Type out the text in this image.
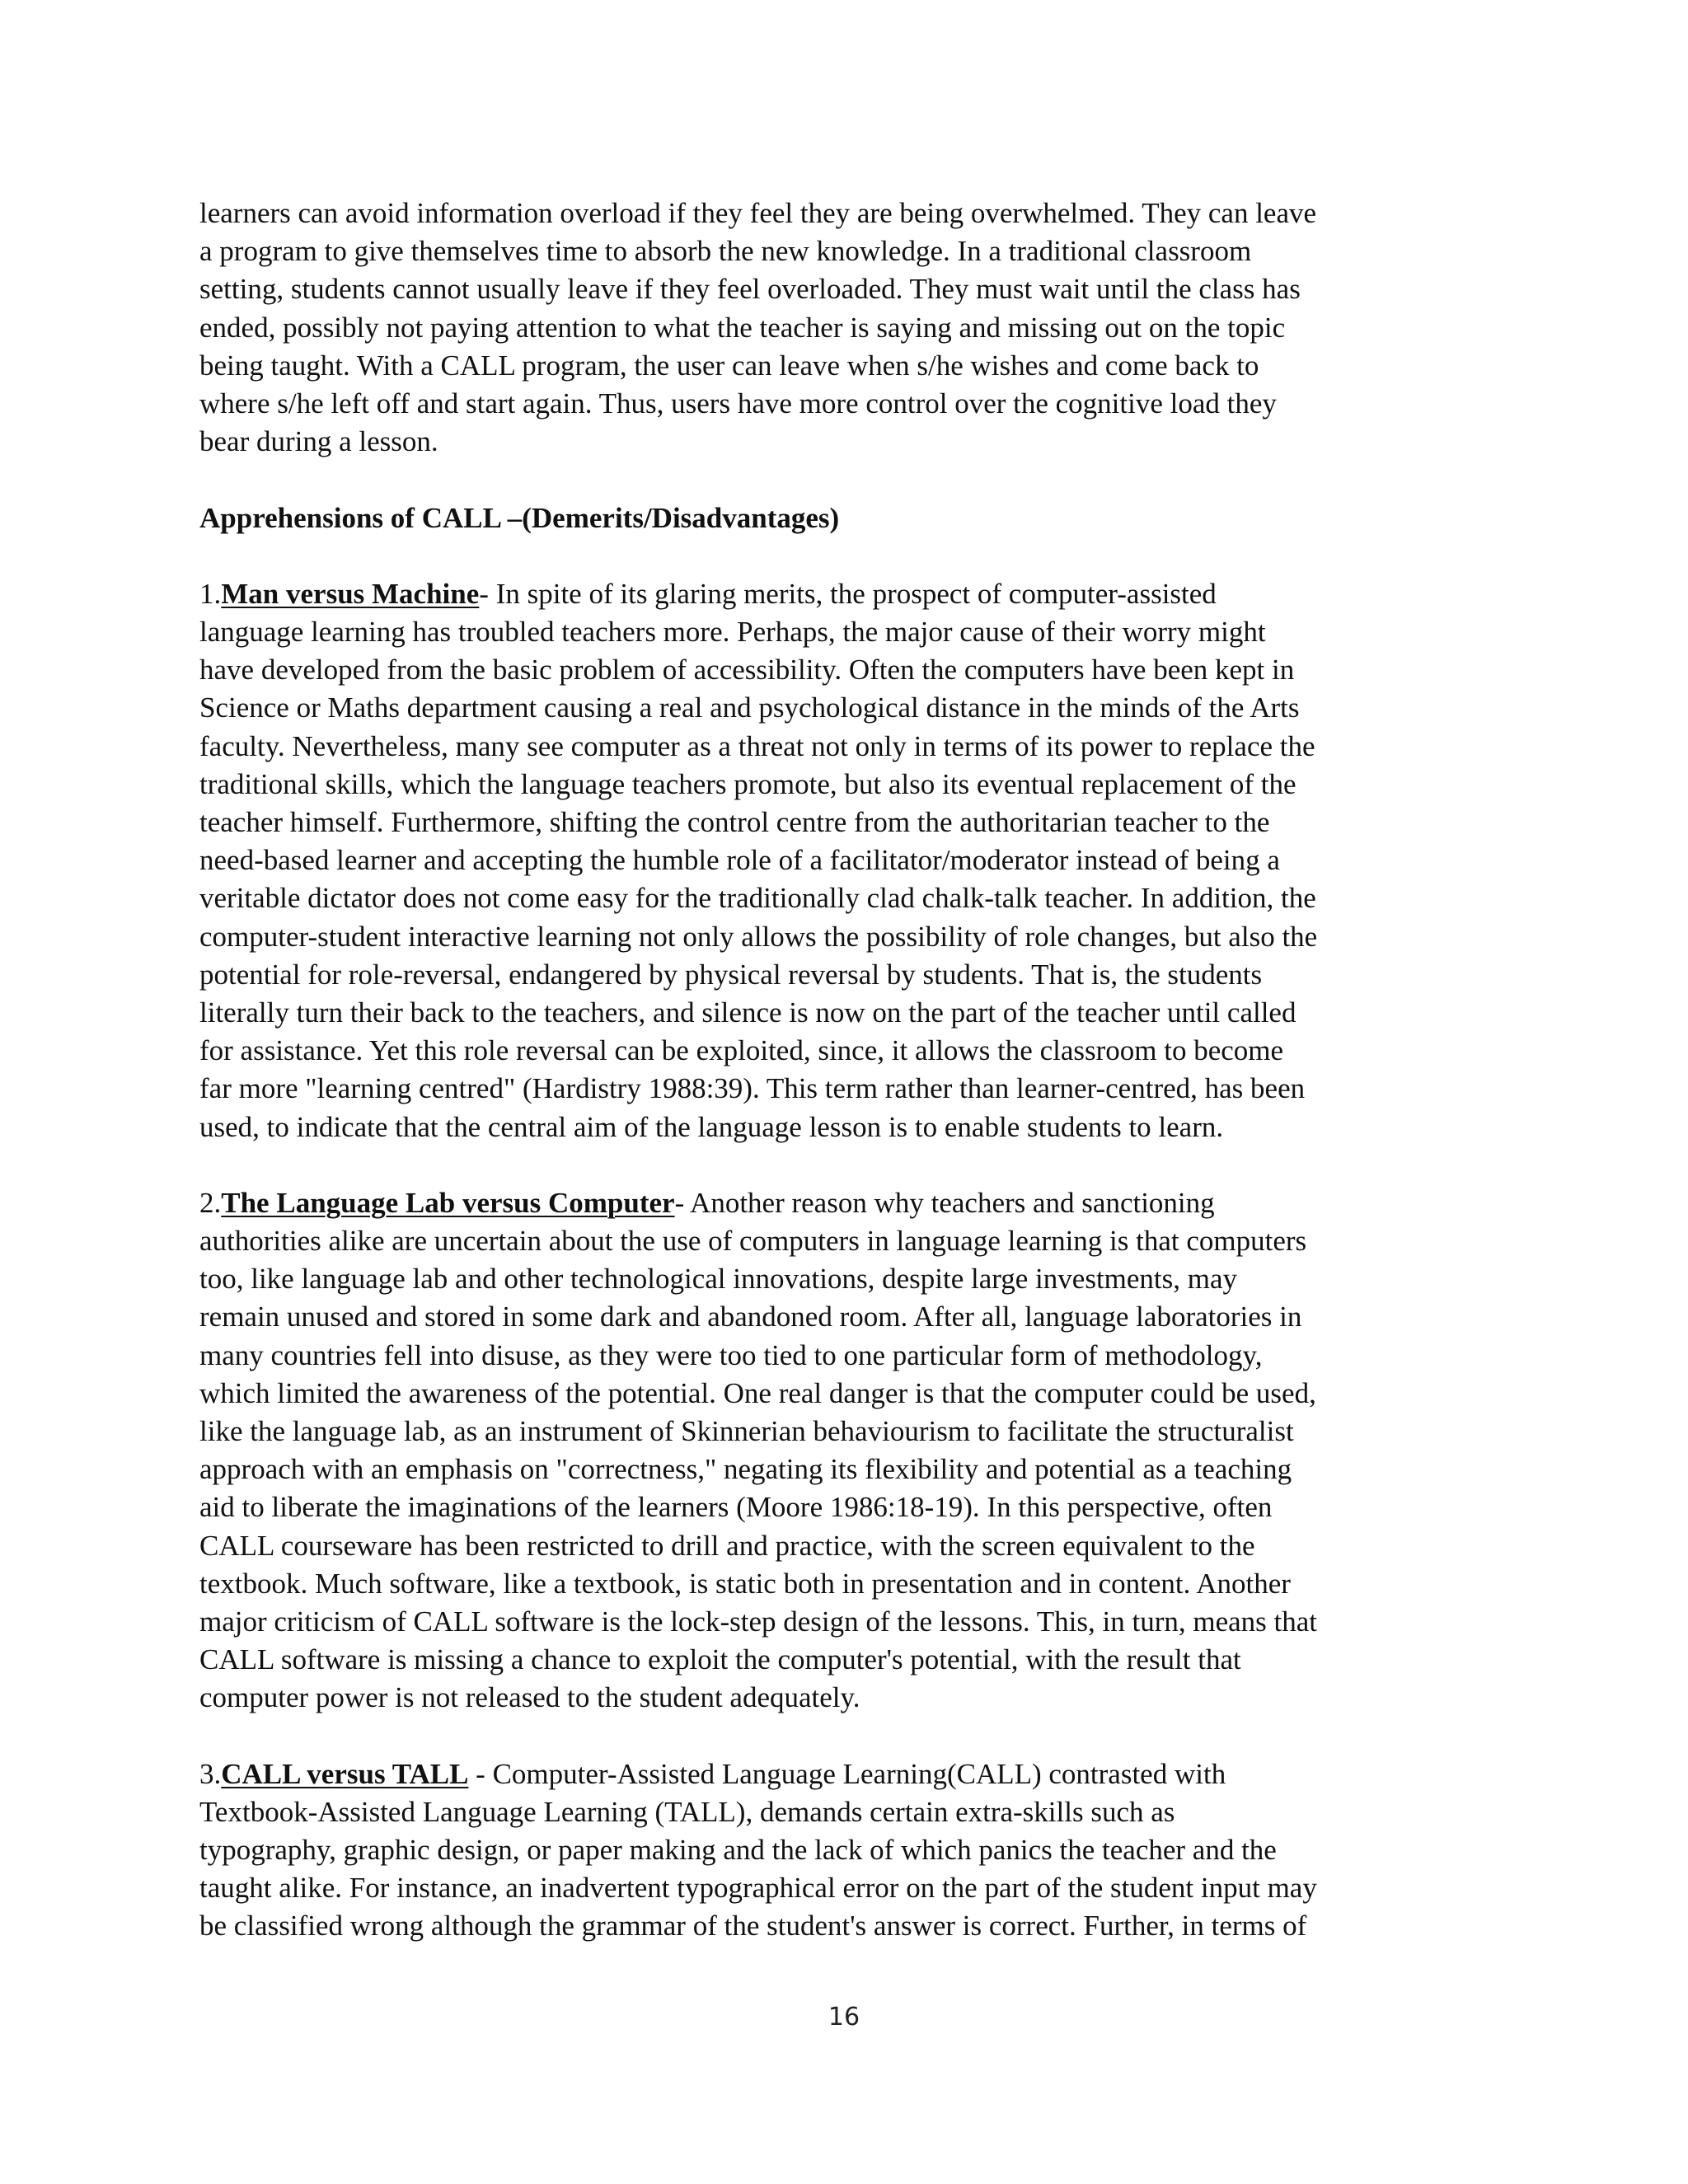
learners can avoid information overload if they feel they are being overwhelmed. They can leave
a program to give themselves time to absorb the new knowledge. In a traditional classroom
setting, students cannot usually leave if they feel overloaded. They must wait until the class has
ended, possibly not paying attention to what the teacher is saying and missing out on the topic
being taught. With a CALL program, the user can leave when s/he wishes and come back to
where s/he left off and start again. Thus, users have more control over the cognitive load they
bear during a lesson.
Apprehensions of CALL –(Demerits/Disadvantages)
1.Man versus Machine- In spite of its glaring merits, the prospect of computer-assisted
language learning has troubled teachers more. Perhaps, the major cause of their worry might
have developed from the basic problem of accessibility. Often the computers have been kept in
Science or Maths department causing a real and psychological distance in the minds of the Arts
faculty. Nevertheless, many see computer as a threat not only in terms of its power to replace the
traditional skills, which the language teachers promote, but also its eventual replacement of the
teacher himself. Furthermore, shifting the control centre from the authoritarian teacher to the
need-based learner and accepting the humble role of a facilitator/moderator instead of being a
veritable dictator does not come easy for the traditionally clad chalk-talk teacher. In addition, the
computer-student interactive learning not only allows the possibility of role changes, but also the
potential for role-reversal, endangered by physical reversal by students. That is, the students
literally turn their back to the teachers, and silence is now on the part of the teacher until called
for assistance. Yet this role reversal can be exploited, since, it allows the classroom to become
far more "learning centred" (Hardistry 1988:39). This term rather than learner-centred, has been
used, to indicate that the central aim of the language lesson is to enable students to learn.
2.The Language Lab versus Computer- Another reason why teachers and sanctioning
authorities alike are uncertain about the use of computers in language learning is that computers
too, like language lab and other technological innovations, despite large investments, may
remain unused and stored in some dark and abandoned room. After all, language laboratories in
many countries fell into disuse, as they were too tied to one particular form of methodology,
which limited the awareness of the potential. One real danger is that the computer could be used,
like the language lab, as an instrument of Skinnerian behaviourism to facilitate the structuralist
approach with an emphasis on "correctness," negating its flexibility and potential as a teaching
aid to liberate the imaginations of the learners (Moore 1986:18-19). In this perspective, often
CALL courseware has been restricted to drill and practice, with the screen equivalent to the
textbook. Much software, like a textbook, is static both in presentation and in content. Another
major criticism of CALL software is the lock-step design of the lessons. This, in turn, means that
CALL software is missing a chance to exploit the computer's potential, with the result that
computer power is not released to the student adequately.
3.CALL versus TALL - Computer-Assisted Language Learning(CALL) contrasted with
Textbook-Assisted Language Learning (TALL), demands certain extra-skills such as
typography, graphic design, or paper making and the lack of which panics the teacher and the
taught alike. For instance, an inadvertent typographical error on the part of the student input may
be classified wrong although the grammar of the student's answer is correct. Further, in terms of
16
